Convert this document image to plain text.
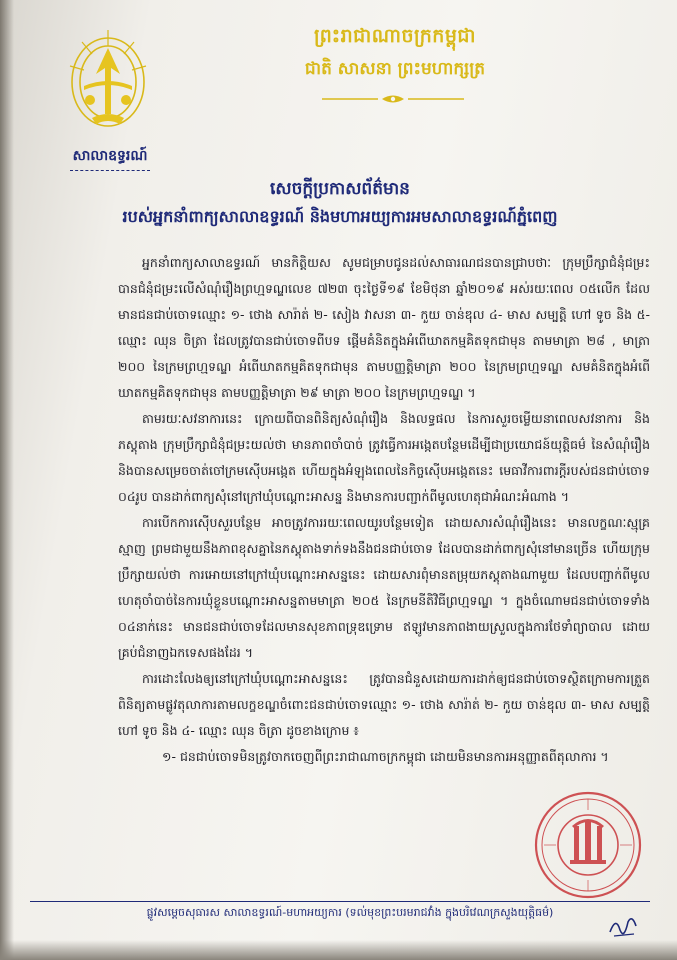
សាលាឧទ្ធរណ៍
ព្រះរាជាណាចក្រកម្ពុជា
ជាតិ សាសនា ព្រះមហាក្សត្រ
សេចក្តីប្រកាសព័ត៌មាន
របស់អ្នកនាំពាក្យសាលាឧទ្ធរណ៍ និងមហាអយ្យការអមសាលាឧទ្ធរណ៍ភ្នំពេញ

អ្នកនាំពាក្យសាលាឧទ្ធរណ៍ មានកិត្តិយស សូមជម្រាបជូនដល់សាធារណជនបានជ្រាបថាៈ ក្រុមប្រឹក្សាជំនុំជម្រះ បានជំនុំជម្រះលើសំណុំរឿងព្រហ្មទណ្ឌលេខ ៧២៣ ចុះថ្ងៃទី១៩ ខែមិថុនា ឆ្នាំ២០១៩ អស់រយៈពេល ០៥លើក ដែលមានជនជាប់ចោទឈ្មោះ ១- ថោង សារ៉ាត់ ២- សៀង វាសនា ៣- កួយ ចាន់ឌុល ៤- មាស សម្បត្តិ ហៅ ទូច និង ៥- ឈ្មោះ ឈុន ចិត្រា ដែលត្រូវបានជាប់ចោទពីបទ ផ្តើមគំនិតក្នុងអំពើឃាតកម្មគិតទុកជាមុន តាមមាត្រា ២៨ , មាត្រា ២០០ នៃក្រមព្រហ្មទណ្ឌ អំពើឃាតកម្មគិតទុកជាមុន តាមបញ្ញត្តិមាត្រា ២០០ នៃក្រមព្រហ្មទណ្ឌ សមគំនិតក្នុងអំពើឃាតកម្មគិតទុកជាមុន តាមបញ្ញត្តិមាត្រា ២៩ មាត្រា ២០០ នៃក្រមព្រហ្មទណ្ឌ ។

តាមរយៈសវនាការនេះ ក្រោយពីបានពិនិត្យសំណុំរឿង និងលទ្ធផល នៃការសួរចម្លើយនាពេលសវនាការ និងភស្តុតាង ក្រុមប្រឹក្សាជំនុំជម្រះយល់ថា មានភាពចាំបាច់ ត្រូវធ្វើការអង្កេតបន្ថែមដើម្បីជាប្រយោជន៍យុត្តិធម៌ នៃសំណុំរឿង និងបានសម្រេចចាត់ចៅក្រមស៊ើបអង្កេត ហើយក្នុងអំឡុងពេលនៃកិច្ចស៊ើបអង្កេតនេះ មេធាវីការពារក្តីរបស់ជនជាប់ចោទ ០៤រូប បានដាក់ពាក្យសុំនៅក្រៅឃុំបណ្តោះអាសន្ន និងមានការបញ្ជាក់ពីមូលហេតុជាអំណះអំណាង ។

ការបើកការស៊ើបសួរបន្ថែម អាចត្រូវការរយៈពេលយូរបន្ថែមទៀត ដោយសារសំណុំរឿងនេះ មានលក្ខណៈស្មុគ្រស្មាញ ព្រមជាមួយនឹងភាពខុសគ្នានៃភស្តុតាងទាក់ទងនឹងជនជាប់ចោទ ដែលបានដាក់ពាក្យសុំនៅមានច្រើន ហើយក្រុមប្រឹក្សាយល់ថា ការអោយនៅក្រៅឃុំបណ្តោះអាសន្ននេះ ដោយសារពុំមានតម្រុយភស្តុតាងណាមួយ ដែលបញ្ជាក់ពីមូលហេតុចាំបាច់នៃការឃុំខ្លួនបណ្តោះអាសន្នតាមមាត្រា ២០៥ នៃក្រមនីតិវិធីព្រហ្មទណ្ឌ ។ ក្នុងចំណោមជនជាប់ចោទទាំង ០៤នាក់នេះ មានជនជាប់ចោទដែលមានសុខភាពទ្រុឌទ្រោម ឥឡូវមានភាពងាយស្រួលក្នុងការថែទាំព្យាបាល ដោយគ្រប់ជំនាញឯកទេសផងដែរ ។

ការដោះលែងឲ្យនៅក្រៅឃុំបណ្តោះអាសន្ននេះ ត្រូវបានជំនួសដោយការដាក់ឲ្យជនជាប់ចោទស្ថិតក្រោមការត្រួតពិនិត្យតាមផ្លូវតុលាការតាមលក្ខខណ្ឌចំពោះជនជាប់ចោទឈ្មោះ ១- ថោង សារ៉ាត់ ២- កួយ ចាន់ឌុល ៣- មាស សម្បត្តិ ហៅ ទូច និង ៤- ឈ្មោះ ឈុន ចិត្រា ដូចខាងក្រោម ៖

១- ជនជាប់ចោទមិនត្រូវចាកចេញពីព្រះរាជាណាចក្រកម្ពុជា ដោយមិនមានការអនុញ្ញាតពីតុលាការ ។

ផ្លូវសម្តេចសុធារស សាលាឧទ្ធរណ៍-មហាអយ្យការ (ទល់មុខព្រះបរមរាជវាំង ក្នុងបរិវេណក្រសួងយុត្តិធម៌)
